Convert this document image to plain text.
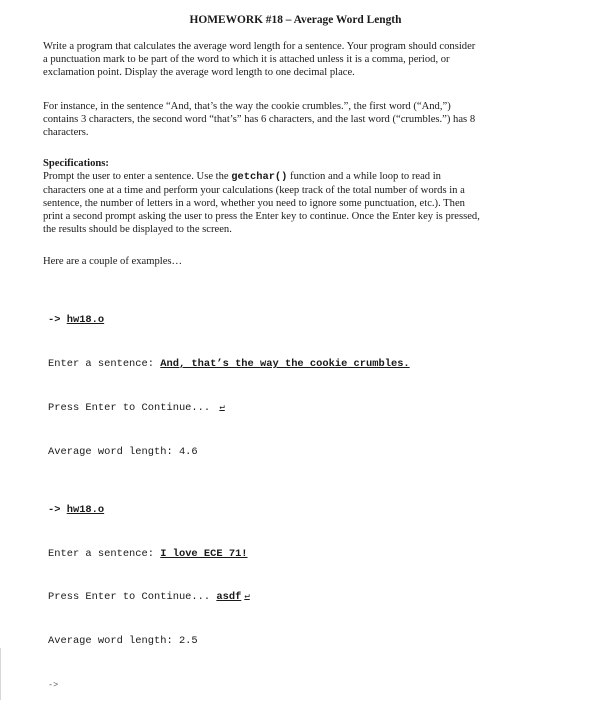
HOMEWORK #18 – Average Word Length
Write a program that calculates the average word length for a sentence. Your program should consider
a punctuation mark to be part of the word to which it is attached unless it is a comma, period, or
exclamation point. Display the average word length to one decimal place.
For instance, in the sentence “And, that’s the way the cookie crumbles.”, the first word (“And,”)
contains 3 characters, the second word “that’s” has 6 characters, and the last word (“crumbles.”) has 8
characters.
Specifications:
Prompt the user to enter a sentence. Use the getchar() function and a while loop to read in
characters one at a time and perform your calculations (keep track of the total number of words in a
sentence, the number of letters in a word, whether you need to ignore some punctuation, etc.). Then
print a second prompt asking the user to press the Enter key to continue. Once the Enter key is pressed,
the results should be displayed to the screen.
Here are a couple of examples…

-> hw18.o

Enter a sentence: And, that’s the way the cookie crumbles.

Press Enter to Continue... ↵

Average word length: 4.6

-> hw18.o

Enter a sentence: I love ECE 71!

Press Enter to Continue... asdf ↵

Average word length: 2.5

->
